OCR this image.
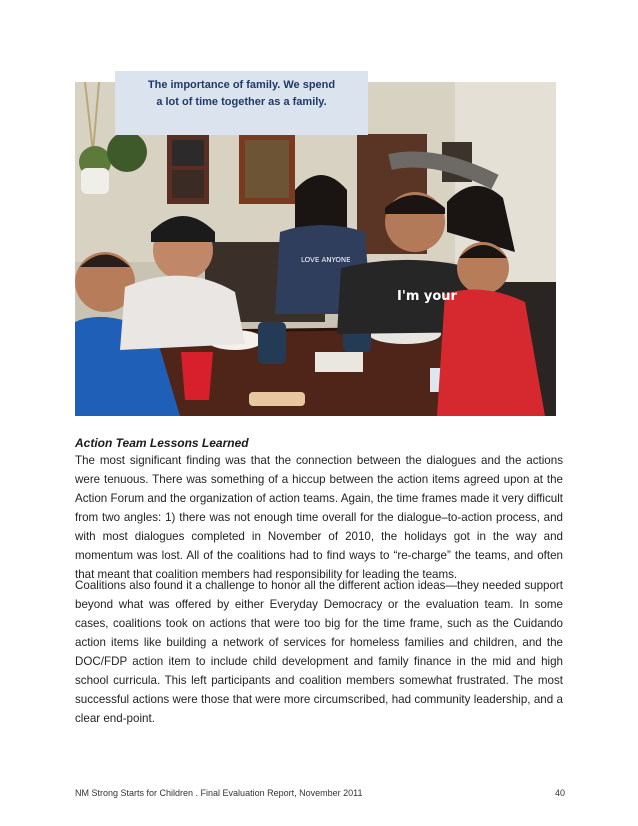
I'm your
LOVE ANYONE
The importance of family. We spend
a lot of time together as a family.
Action Team Lessons Learned

The most significant finding was that the connection between the dialogues and the actions were tenuous. There was something of a hiccup between the action items agreed upon at the Action Forum and the organization of action teams. Again, the time frames made it very difficult from two angles: 1) there was not enough time overall for the dialogue–to-action process, and with most dialogues completed in November of 2010, the holidays got in the way and momentum was lost. All of the coalitions had to find ways to “re-charge” the teams, and often that meant that coalition members had responsibility for leading the teams.

Coalitions also found it a challenge to honor all the different action ideas—they needed support beyond what was offered by either Everyday Democracy or the evaluation team. In some cases, coalitions took on actions that were too big for the time frame, such as the Cuidando action items like building a network of services for homeless families and children, and the DOC/FDP action item to include child development and family finance in the mid and high school curricula. This left participants and coalition members somewhat frustrated. The most successful actions were those that were more circumscribed, had community leadership, and a clear end-point.

NM Strong Starts for Children . Final Evaluation Report, November 2011	40
